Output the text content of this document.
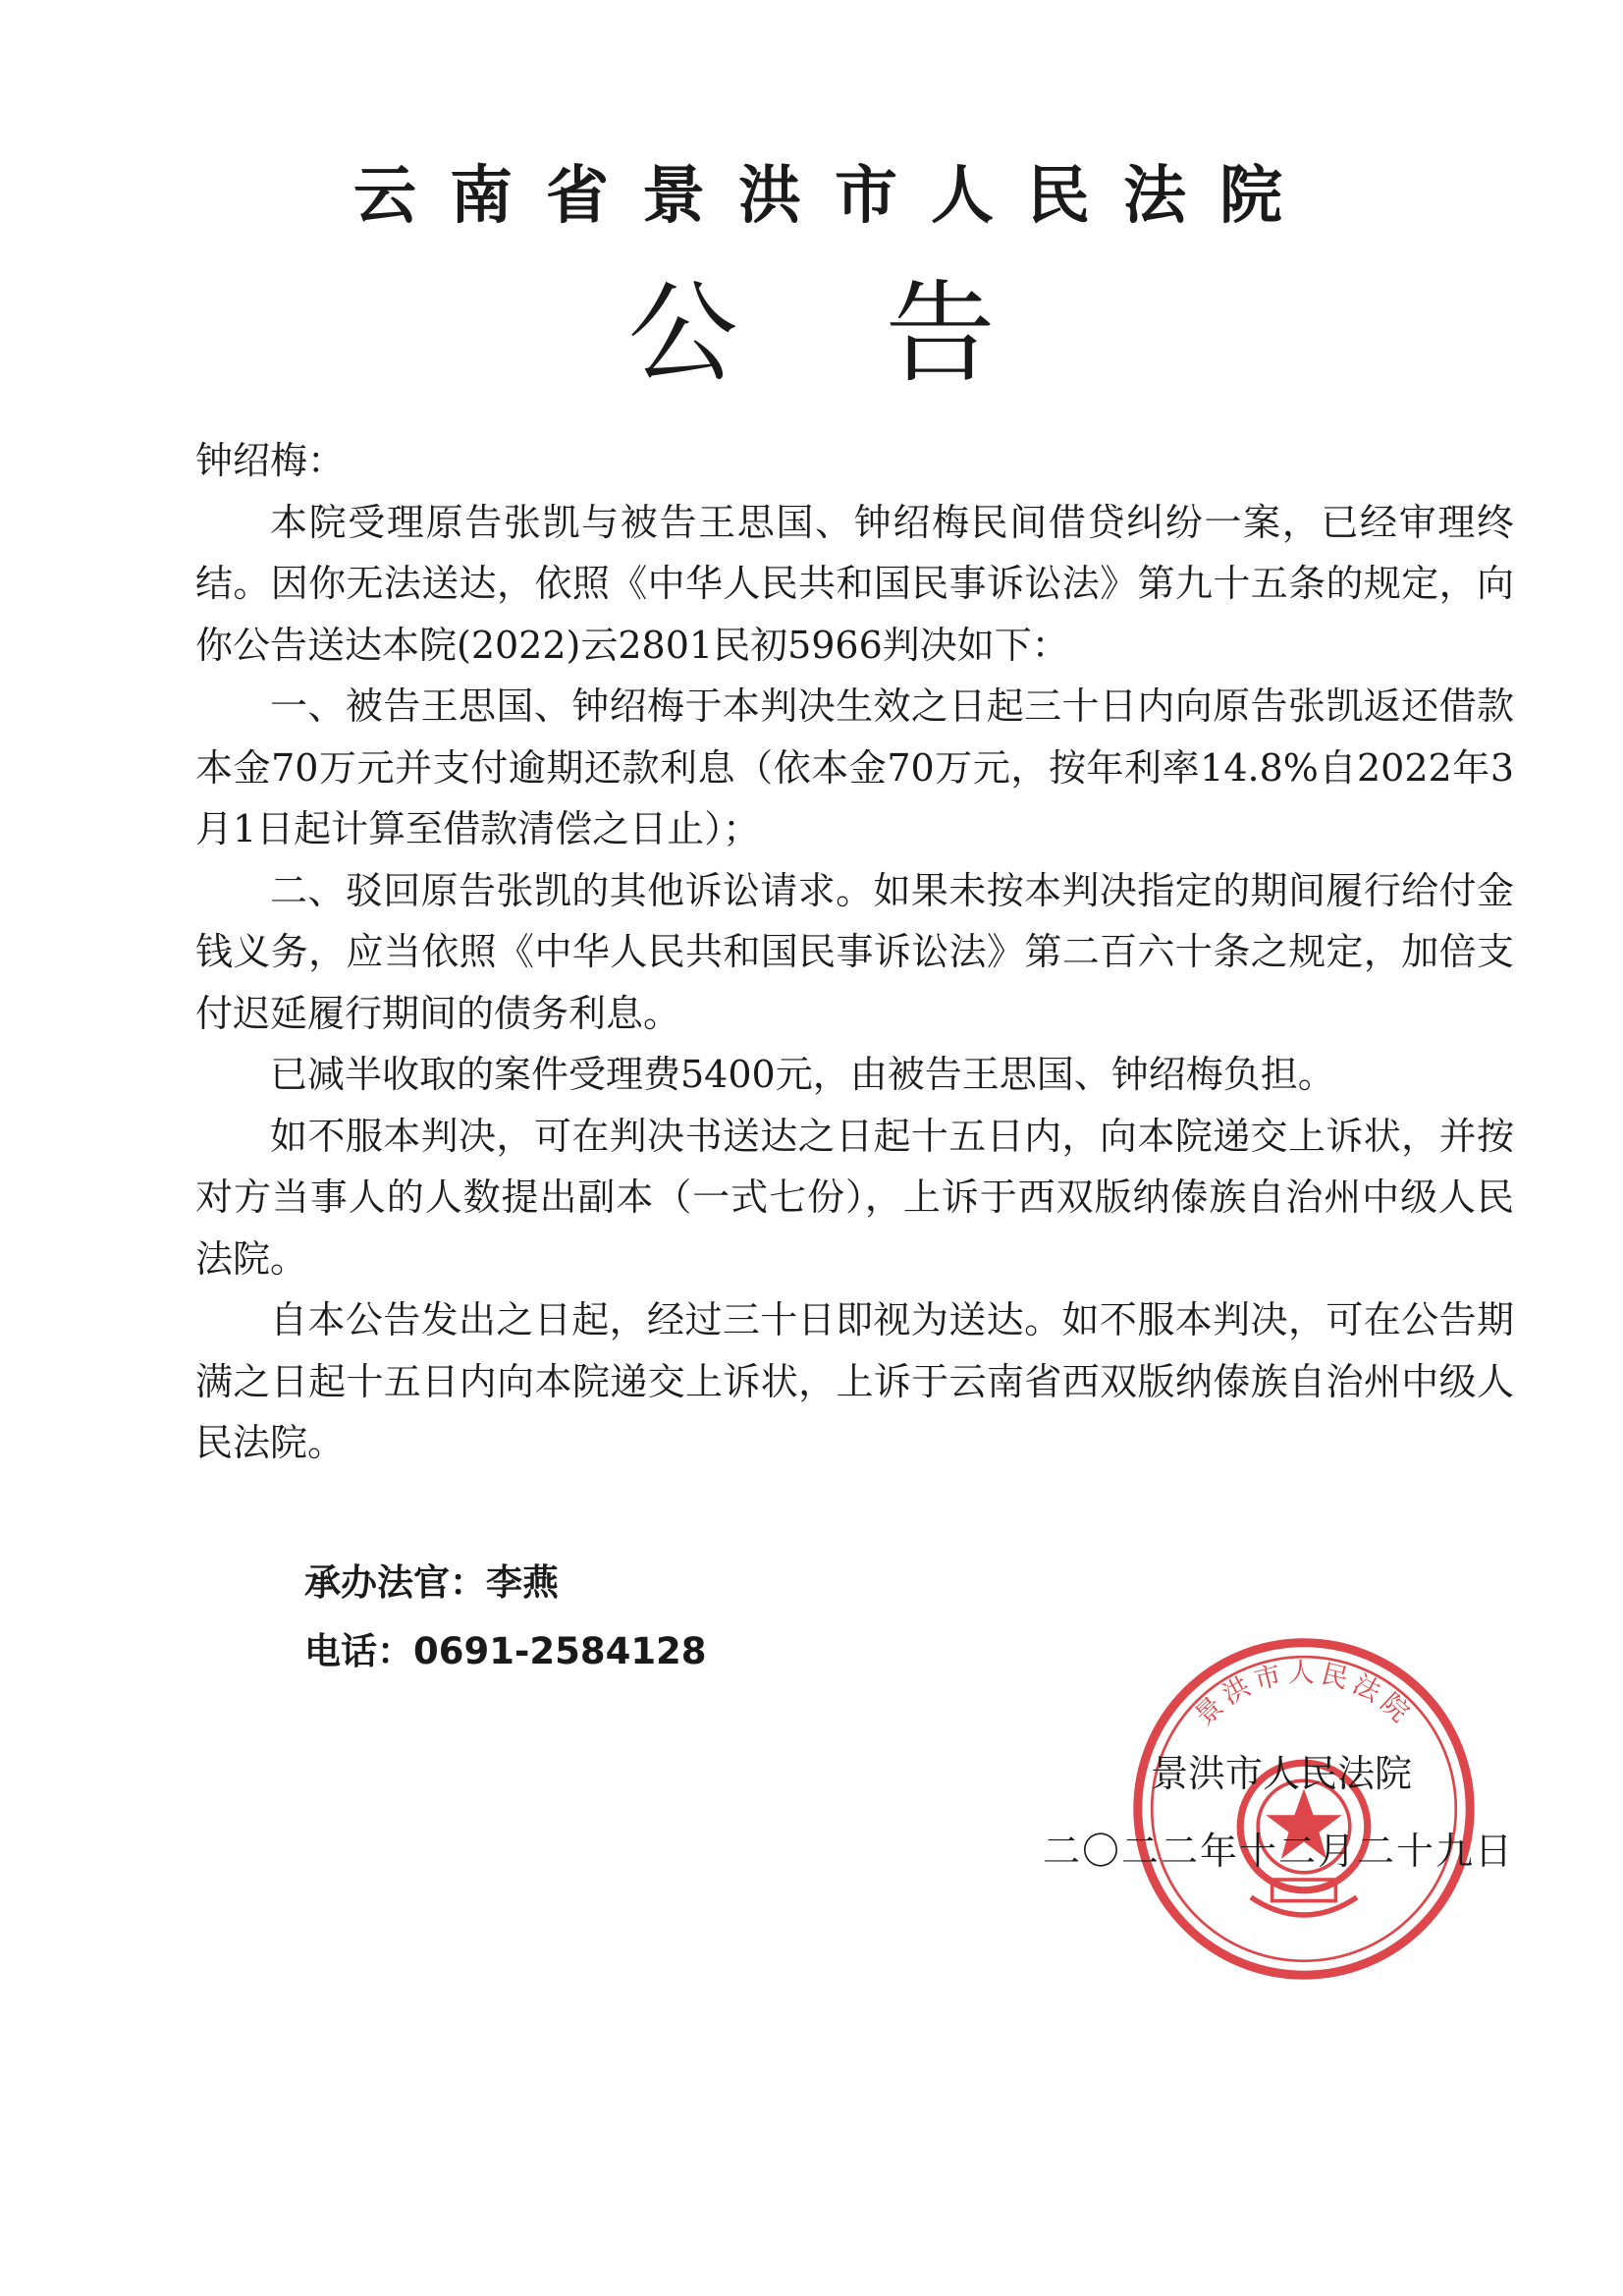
云南省景洪市人民法院
公告

钟绍梅：

本院受理原告张凯与被告王思国、钟绍梅民间借贷纠纷一案，已经审理终结。因你无法送达，依照《中华人民共和国民事诉讼法》第九十五条的规定，向你公告送达本院(2022)云2801民初5966判决如下：

一、被告王思国、钟绍梅于本判决生效之日起三十日内向原告张凯返还借款本金70万元并支付逾期还款利息（依本金70万元，按年利率14.8%自2022年3月1日起计算至借款清偿之日止）；

二、驳回原告张凯的其他诉讼请求。如果未按本判决指定的期间履行给付金钱义务，应当依照《中华人民共和国民事诉讼法》第二百六十条之规定，加倍支付迟延履行期间的债务利息。

已减半收取的案件受理费5400元，由被告王思国、钟绍梅负担。

如不服本判决，可在判决书送达之日起十五日内，向本院递交上诉状，并按对方当事人的人数提出副本（一式七份），上诉于西双版纳傣族自治州中级人民法院。

自本公告发出之日起，经过三十日即视为送达。如不服本判决，可在公告期满之日起十五日内向本院递交上诉状，上诉于云南省西双版纳傣族自治州中级人民法院。

承办法官：李燕
电话：0691-2584128
景洪市人民法院
景洪市人民法院
二〇二二年十二月二十九日
